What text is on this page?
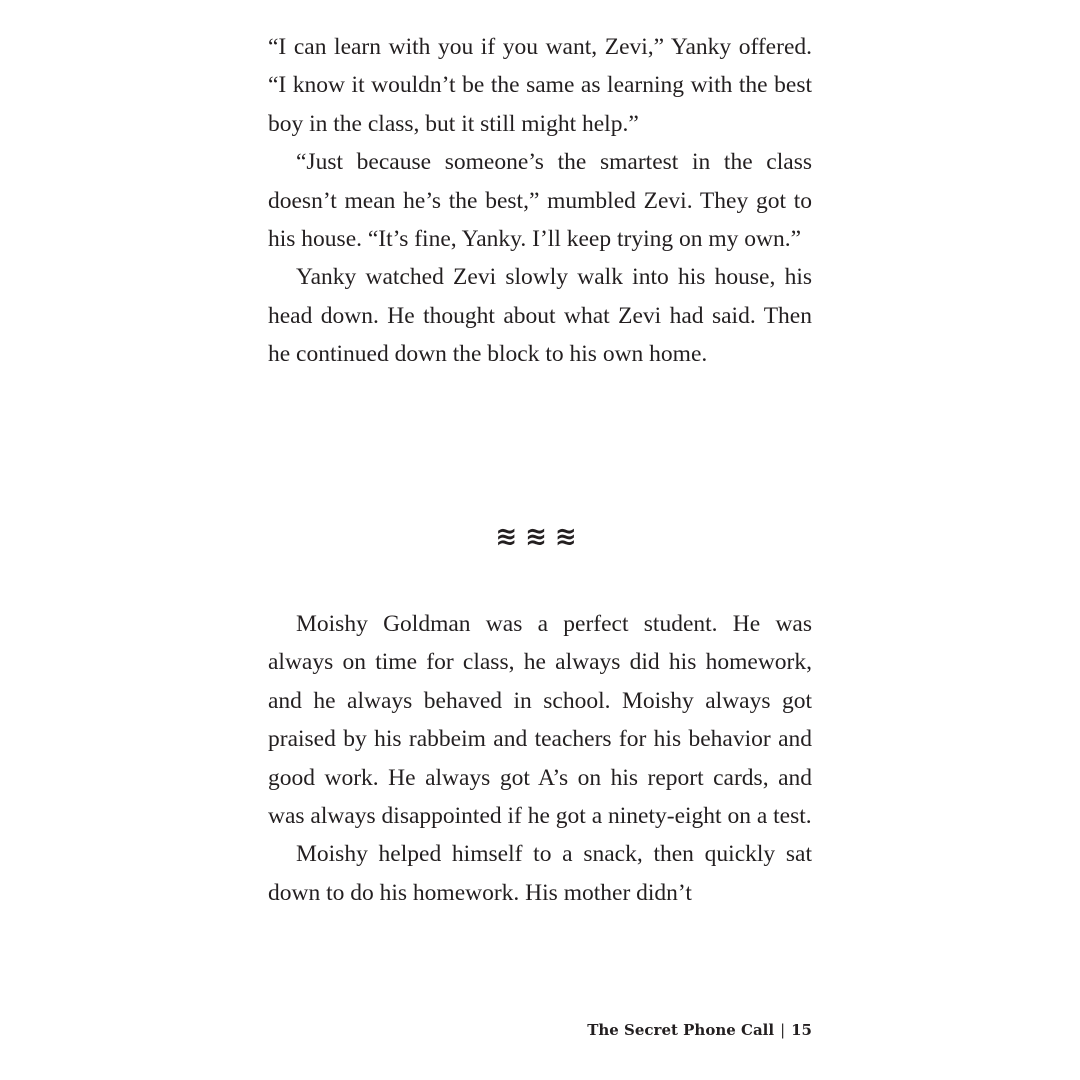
“I can learn with you if you want, Zevi,” Yanky offered. “I know it wouldn’t be the same as learning with the best boy in the class, but it still might help.”

“Just because someone’s the smartest in the class doesn’t mean he’s the best,” mumbled Zevi. They got to his house. “It’s fine, Yanky. I’ll keep trying on my own.”

Yanky watched Zevi slowly walk into his house, his head down. He thought about what Zevi had said. Then he continued down the block to his own home.

≋≋≋

Moishy Goldman was a perfect student. He was always on time for class, he always did his homework, and he always behaved in school. Moishy always got praised by his rabbeim and teachers for his behavior and good work. He always got A’s on his report cards, and was always disappointed if he got a ninety-eight on a test.

Moishy helped himself to a snack, then quickly sat down to do his homework. His mother didn’t

The Secret Phone Call | 15
